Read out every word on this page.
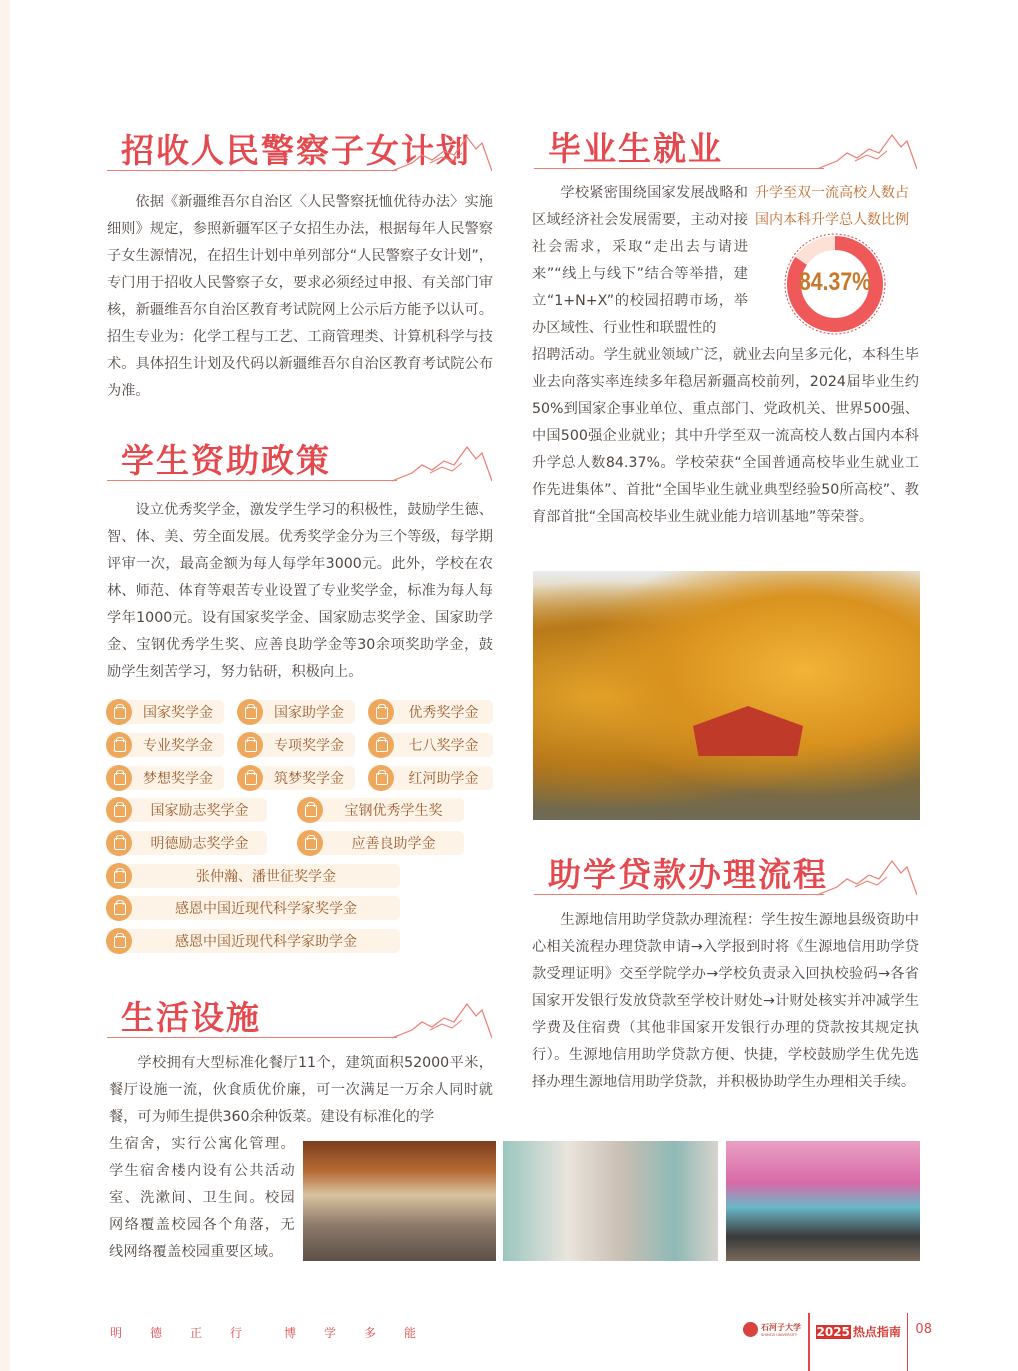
招收人民警察子女计划

依据《新疆维吾尔自治区〈人民警察抚恤优待办法〉实施细则》规定，参照新疆军区子女招生办法，根据每年人民警察子女生源情况，在招生计划中单列部分“人民警察子女计划”，专门用于招收人民警察子女，要求必须经过申报、有关部门审核，新疆维吾尔自治区教育考试院网上公示后方能予以认可。招生专业为：化学工程与工艺、工商管理类、计算机科学与技术。具体招生计划及代码以新疆维吾尔自治区教育考试院公布为准。

学生资助政策

设立优秀奖学金，激发学生学习的积极性，鼓励学生德、智、体、美、劳全面发展。优秀奖学金分为三个等级，每学期评审一次，最高金额为每人每学年3000元。此外，学校在农林、师范、体育等艰苦专业设置了专业奖学金，标准为每人每学年1000元。设有国家奖学金、国家励志奖学金、国家助学金、宝钢优秀学生奖、应善良助学金等30余项奖助学金，鼓励学生刻苦学习，努力钻研，积极向上。

国家奖学金	国家助学金	优秀奖学金
专业奖学金	专项奖学金	七八奖学金
梦想奖学金	筑梦奖学金	红河助学金
国家励志奖学金	宝钢优秀学生奖
明德励志奖学金	应善良助学金
张仲瀚、潘世征奖学金
感恩中国近现代科学家奖学金
感恩中国近现代科学家助学金
生活设施

学校拥有大型标准化餐厅11个，建筑面积52000平米，餐厅设施一流，伙食质优价廉，可一次满足一万余人同时就餐，可为师生提供360余种饭菜。建设有标准化的学

生宿舍，实行公寓化管理。学生宿舍楼内设有公共活动室、洗漱间、卫生间。校园网络覆盖校园各个角落，无线网络覆盖校园重要区域。
毕业生就业

学校紧密围绕国家发展战略和区域经济社会发展需要，主动对接社会需求，采取“走出去与请进来”“线上与线下”结合等举措，建立“1+N+X”的校园招聘市场，举办区域性、行业性和联盟性的

升学至双一流高校人数占
国内本科升学总人数比例
84.37%
招聘活动。学生就业领域广泛，就业去向呈多元化，本科生毕业去向落实率连续多年稳居新疆高校前列，2024届毕业生约50%到国家企事业单位、重点部门、党政机关、世界500强、中国500强企业就业；其中升学至双一流高校人数占国内本科升学总人数84.37%。学校荣获“全国普通高校毕业生就业工作先进集体”、首批“全国毕业生就业典型经验50所高校”、教育部首批“全国高校毕业生就业能力培训基地”等荣誉。
助学贷款办理流程

生源地信用助学贷款办理流程：学生按生源地县级资助中心相关流程办理贷款申请→入学报到时将《生源地信用助学贷款受理证明》交至学院学办→学校负责录入回执校验码→各省国家开发银行发放贷款至学校计财处→计财处核实并冲减学生学费及住宿费（其他非国家开发银行办理的贷款按其规定执行）。生源地信用助学贷款方便、快捷，学校鼓励学生优先选择办理生源地信用助学贷款，并积极协助学生办理相关手续。

明	德	正	行	博	学	多	能	石河子大学
SHIHEZI UNIVERSITY	2025 热点指南 08
